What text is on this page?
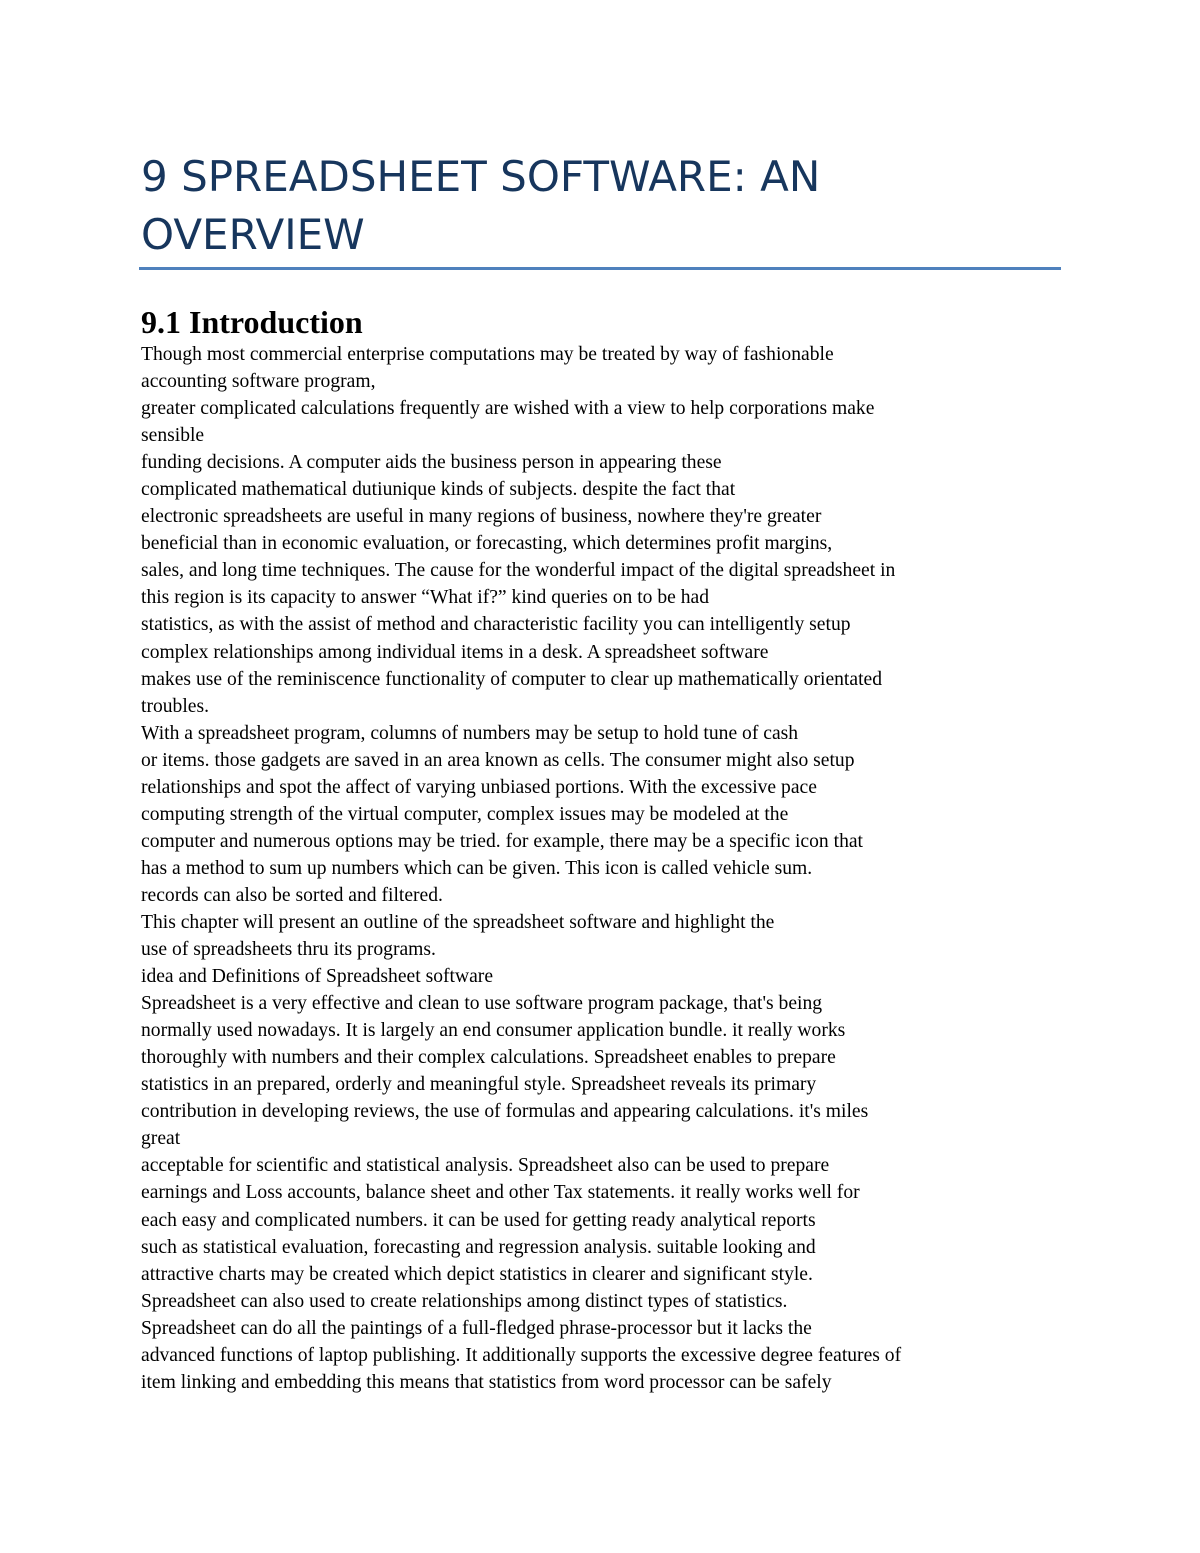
9 SPREADSHEET SOFTWARE: AN
OVERVIEW
9.1 Introduction
Though most commercial enterprise computations may be treated by way of fashionable
accounting software program,
greater complicated calculations frequently are wished with a view to help corporations make
sensible
funding decisions. A computer aids the business person in appearing these
complicated mathematical dutiunique kinds of subjects. despite the fact that
electronic spreadsheets are useful in many regions of business, nowhere they're greater
beneficial than in economic evaluation, or forecasting, which determines profit margins,
sales, and long time techniques. The cause for the wonderful impact of the digital spreadsheet in
this region is its capacity to answer “What if?” kind queries on to be had
statistics, as with the assist of method and characteristic facility you can intelligently setup
complex relationships among individual items in a desk. A spreadsheet software
makes use of the reminiscence functionality of computer to clear up mathematically orientated
troubles.
With a spreadsheet program, columns of numbers may be setup to hold tune of cash
or items. those gadgets are saved in an area known as cells. The consumer might also setup
relationships and spot the affect of varying unbiased portions. With the excessive pace
computing strength of the virtual computer, complex issues may be modeled at the
computer and numerous options may be tried. for example, there may be a specific icon that
has a method to sum up numbers which can be given. This icon is called vehicle sum.
records can also be sorted and filtered.
This chapter will present an outline of the spreadsheet software and highlight the
use of spreadsheets thru its programs.
idea and Definitions of Spreadsheet software
Spreadsheet is a very effective and clean to use software program package, that's being
normally used nowadays. It is largely an end consumer application bundle. it really works
thoroughly with numbers and their complex calculations. Spreadsheet enables to prepare
statistics in an prepared, orderly and meaningful style. Spreadsheet reveals its primary
contribution in developing reviews, the use of formulas and appearing calculations. it's miles
great
acceptable for scientific and statistical analysis. Spreadsheet also can be used to prepare
earnings and Loss accounts, balance sheet and other Tax statements. it really works well for
each easy and complicated numbers. it can be used for getting ready analytical reports
such as statistical evaluation, forecasting and regression analysis. suitable looking and
attractive charts may be created which depict statistics in clearer and significant style.
Spreadsheet can also used to create relationships among distinct types of statistics.
Spreadsheet can do all the paintings of a full-fledged phrase-processor but it lacks the
advanced functions of laptop publishing. It additionally supports the excessive degree features of
item linking and embedding this means that statistics from word processor can be safely
